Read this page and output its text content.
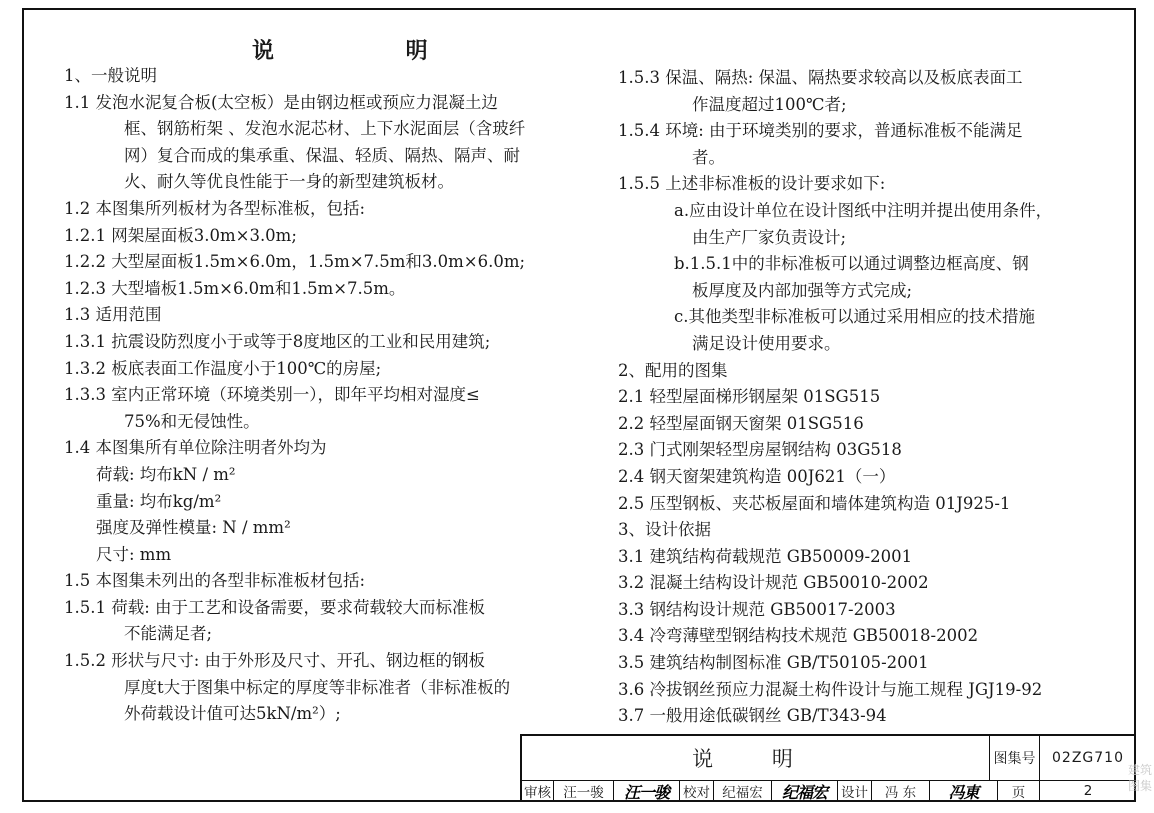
说 明
1、一般说明
1.1 发泡水泥复合板(太空板）是由钢边框或预应力混凝土边
框、钢筋桁架 、发泡水泥芯材、上下水泥面层（含玻纤
网）复合而成的集承重、保温、轻质、隔热、隔声、耐
火、耐久等优良性能于一身的新型建筑板材。
1.2 本图集所列板材为各型标准板，包括:
1.2.1 网架屋面板3.0m×3.0m;
1.2.2 大型屋面板1.5m×6.0m，1.5m×7.5m和3.0m×6.0m;
1.2.3 大型墙板1.5m×6.0m和1.5m×7.5m。
1.3 适用范围
1.3.1 抗震设防烈度小于或等于8度地区的工业和民用建筑;
1.3.2 板底表面工作温度小于100℃的房屋;
1.3.3 室内正常环境（环境类别一），即年平均相对湿度≤
75%和无侵蚀性。
1.4 本图集所有单位除注明者外均为
荷载: 均布kN / m²
重量: 均布kg/m²
强度及弹性模量: N / mm²
尺寸: mm
1.5 本图集未列出的各型非标准板材包括:
1.5.1 荷载: 由于工艺和设备需要，要求荷载较大而标准板
不能满足者;
1.5.2 形状与尺寸: 由于外形及尺寸、开孔、钢边框的钢板
厚度t大于图集中标定的厚度等非标准者（非标准板的
外荷载设计值可达5kN/m²）;
1.5.3 保温、隔热: 保温、隔热要求较高以及板底表面工
作温度超过100℃者;
1.5.4 环境: 由于环境类别的要求，普通标准板不能满足
者。
1.5.5 上述非标准板的设计要求如下:
a.应由设计单位在设计图纸中注明并提出使用条件，
由生产厂家负责设计;
b.1.5.1中的非标准板可以通过调整边框高度、钢
板厚度及内部加强等方式完成;
c.其他类型非标准板可以通过采用相应的技术措施
满足设计使用要求。
2、配用的图集
2.1 轻型屋面梯形钢屋架 01SG515
2.2 轻型屋面钢天窗架 01SG516
2.3 门式刚架轻型房屋钢结构 03G518
2.4 钢天窗架建筑构造 00J621（一）
2.5 压型钢板、夹芯板屋面和墙体建筑构造 01J925-1
3、设计依据
3.1 建筑结构荷载规范 GB50009-2001
3.2 混凝土结构设计规范 GB50010-2002
3.3 钢结构设计规范 GB50017-2003
3.4 冷弯薄壁型钢结构技术规范 GB50018-2002
3.5 建筑结构制图标准 GB/T50105-2001
3.6 冷拔钢丝预应力混凝土构件设计与施工规程 JGJ19-92
3.7 一般用途低碳钢丝 GB/T343-94
说 明	图集号	02ZG710
审核 汪一骏	汪一骏	校对 纪福宏	纪福宏	设计	冯 东	冯東	页	2
建筑
图集
